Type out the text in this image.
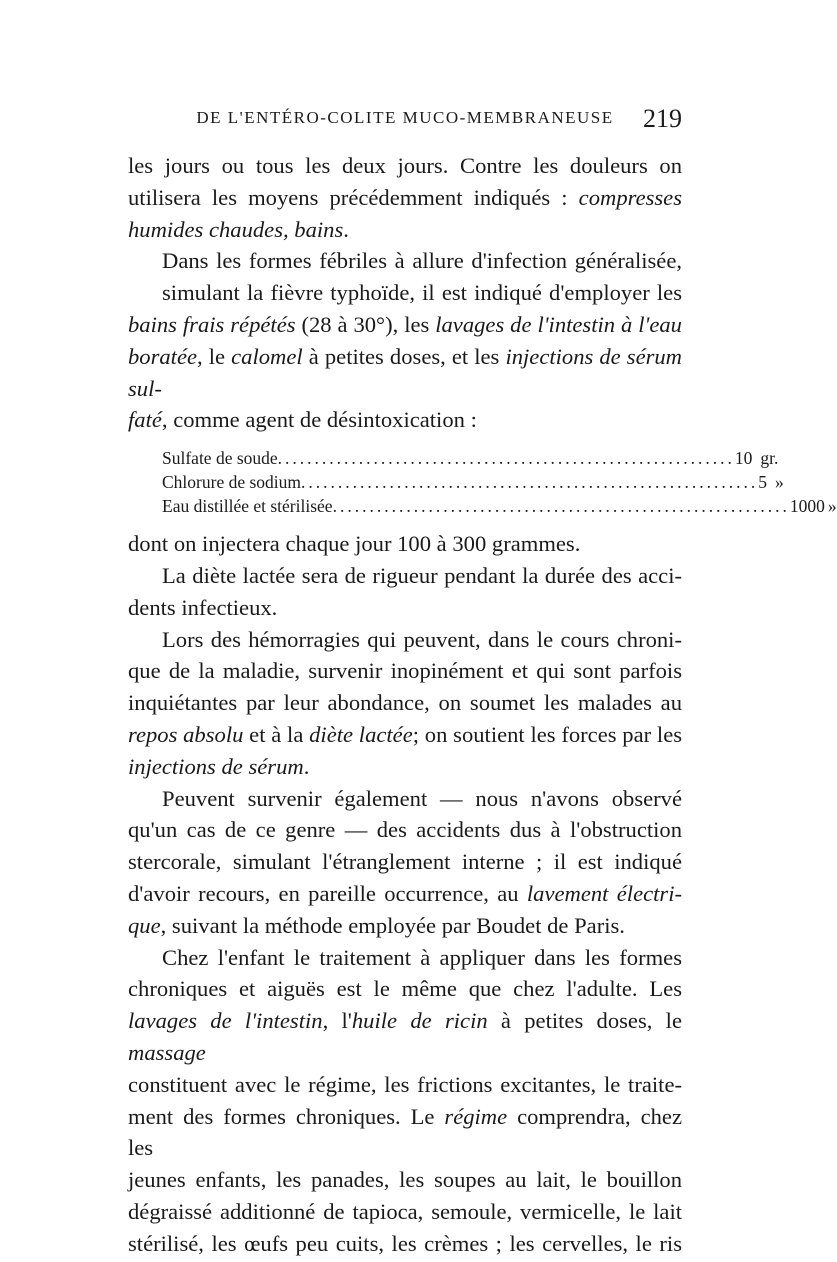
DE L'ENTÉRO-COLITE MUCO-MEMBRANEUSE	219

les jours ou tous les deux jours. Contre les douleurs on
utilisera les moyens précédemment indiqués : compresses
humides chaudes, bains.

Dans les formes fébriles à allure d'infection généralisée,
simulant la fièvre typhoïde, il est indiqué d'employer les
bains frais répétés (28 à 30°), les lavages de l'intestin à l'eau
boratée, le calomel à petites doses, et les injections de sérum sul-
faté, comme agent de désintoxication :

Sulfate de soude .............................................................. 10 gr.
Chlorure de sodium .............................................................. 5 »
Eau distillée et stérilisée .............................................................. 1000 »

dont on injectera chaque jour 100 à 300 grammes.

La diète lactée sera de rigueur pendant la durée des acci-
dents infectieux.

Lors des hémorragies qui peuvent, dans le cours chroni-
que de la maladie, survenir inopinément et qui sont parfois
inquiétantes par leur abondance, on soumet les malades au
repos absolu et à la diète lactée; on soutient les forces par les
injections de sérum.

Peuvent survenir également — nous n'avons observé
qu'un cas de ce genre — des accidents dus à l'obstruction
stercorale, simulant l'étranglement interne ; il est indiqué
d'avoir recours, en pareille occurrence, au lavement électri-
que, suivant la méthode employée par Boudet de Paris.

Chez l'enfant le traitement à appliquer dans les formes
chroniques et aiguës est le même que chez l'adulte. Les
lavages de l'intestin, l'huile de ricin à petites doses, le massage
constituent avec le régime, les frictions excitantes, le traite-
ment des formes chroniques. Le régime comprendra, chez les
jeunes enfants, les panades, les soupes au lait, le bouillon
dégraissé additionné de tapioca, semoule, vermicelle, le lait
stérilisé, les œufs peu cuits, les crèmes ; les cervelles, le ris
